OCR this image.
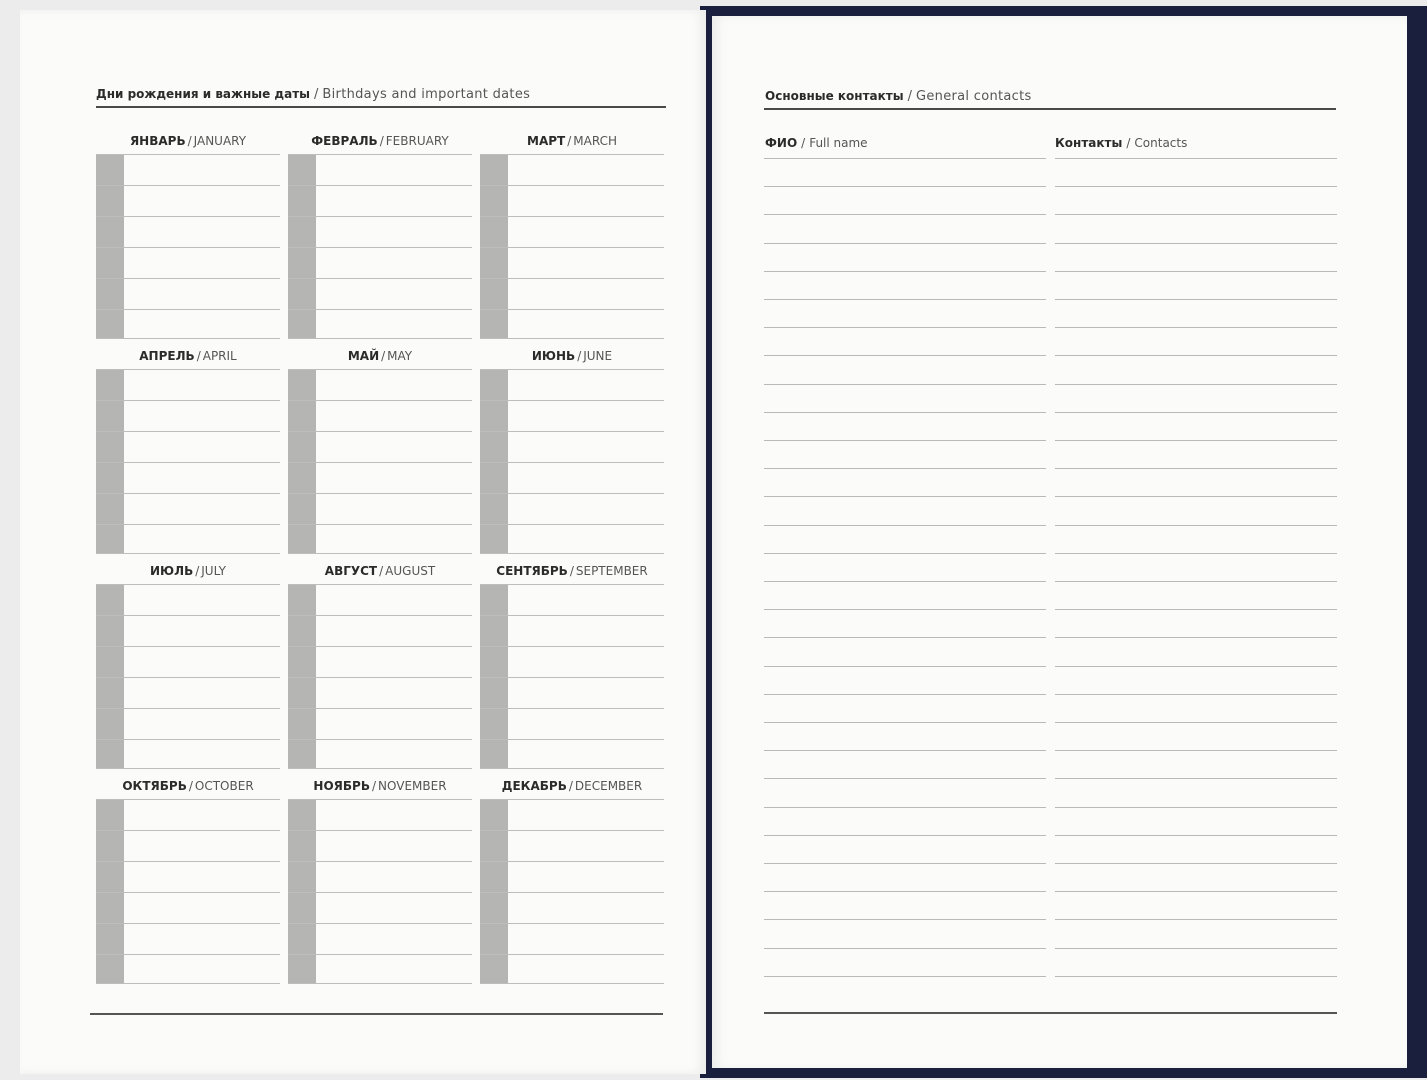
Дни рождения и важные даты / Birthdays and important dates
ЯНВАРЬ / JANUARY	ФЕВРАЛЬ / FEBRUARY	МАРТ / MARCH
АПРЕЛЬ / APRIL	МАЙ / MAY	ИЮНЬ / JUNE
ИЮЛЬ / JULY	АВГУСТ / AUGUST	СЕНТЯБРЬ / SEPTEMBER
ОКТЯБРЬ / OCTOBER	НОЯБРЬ / NOVEMBER	ДЕКАБРЬ / DECEMBER
Основные контакты / General contacts
ФИО / Full name	Контакты / Contacts
